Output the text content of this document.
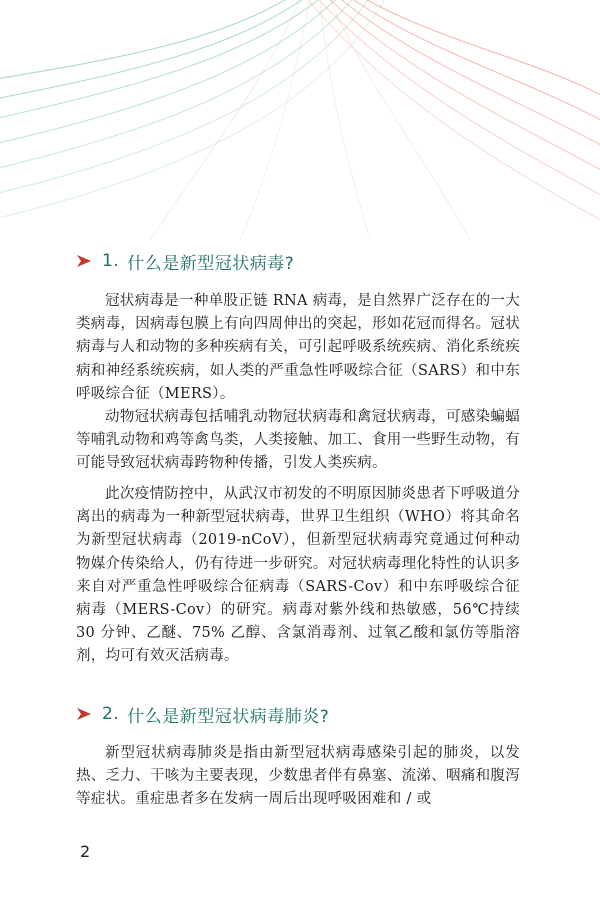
1. 什么是新型冠状病毒?

冠状病毒是一种单股正链 RNA 病毒，是自然界广泛存在的一大类病毒，因病毒包膜上有向四周伸出的突起，形如花冠而得名。冠状病毒与人和动物的多种疾病有关，可引起呼吸系统疾病、消化系统疾病和神经系统疾病，如人类的严重急性呼吸综合征（SARS）和中东呼吸综合征（MERS）。

动物冠状病毒包括哺乳动物冠状病毒和禽冠状病毒，可感染蝙蝠等哺乳动物和鸡等禽鸟类，人类接触、加工、食用一些野生动物，有可能导致冠状病毒跨物种传播，引发人类疾病。

此次疫情防控中，从武汉市初发的不明原因肺炎患者下呼吸道分离出的病毒为一种新型冠状病毒，世界卫生组织（WHO）将其命名为新型冠状病毒（2019-nCoV），但新型冠状病毒究竟通过何种动物媒介传染给人，仍有待进一步研究。对冠状病毒理化特性的认识多来自对严重急性呼吸综合征病毒（SARS-Cov）和中东呼吸综合征病毒（MERS-Cov）的研究。病毒对紫外线和热敏感，56℃持续 30 分钟、乙醚、75% 乙醇、含氯消毒剂、过氧乙酸和氯仿等脂溶剂，均可有效灭活病毒。

2. 什么是新型冠状病毒肺炎?

新型冠状病毒肺炎是指由新型冠状病毒感染引起的肺炎，以发热、乏力、干咳为主要表现，少数患者伴有鼻塞、流涕、咽痛和腹泻等症状。重症患者多在发病一周后出现呼吸困难和 / 或

2
